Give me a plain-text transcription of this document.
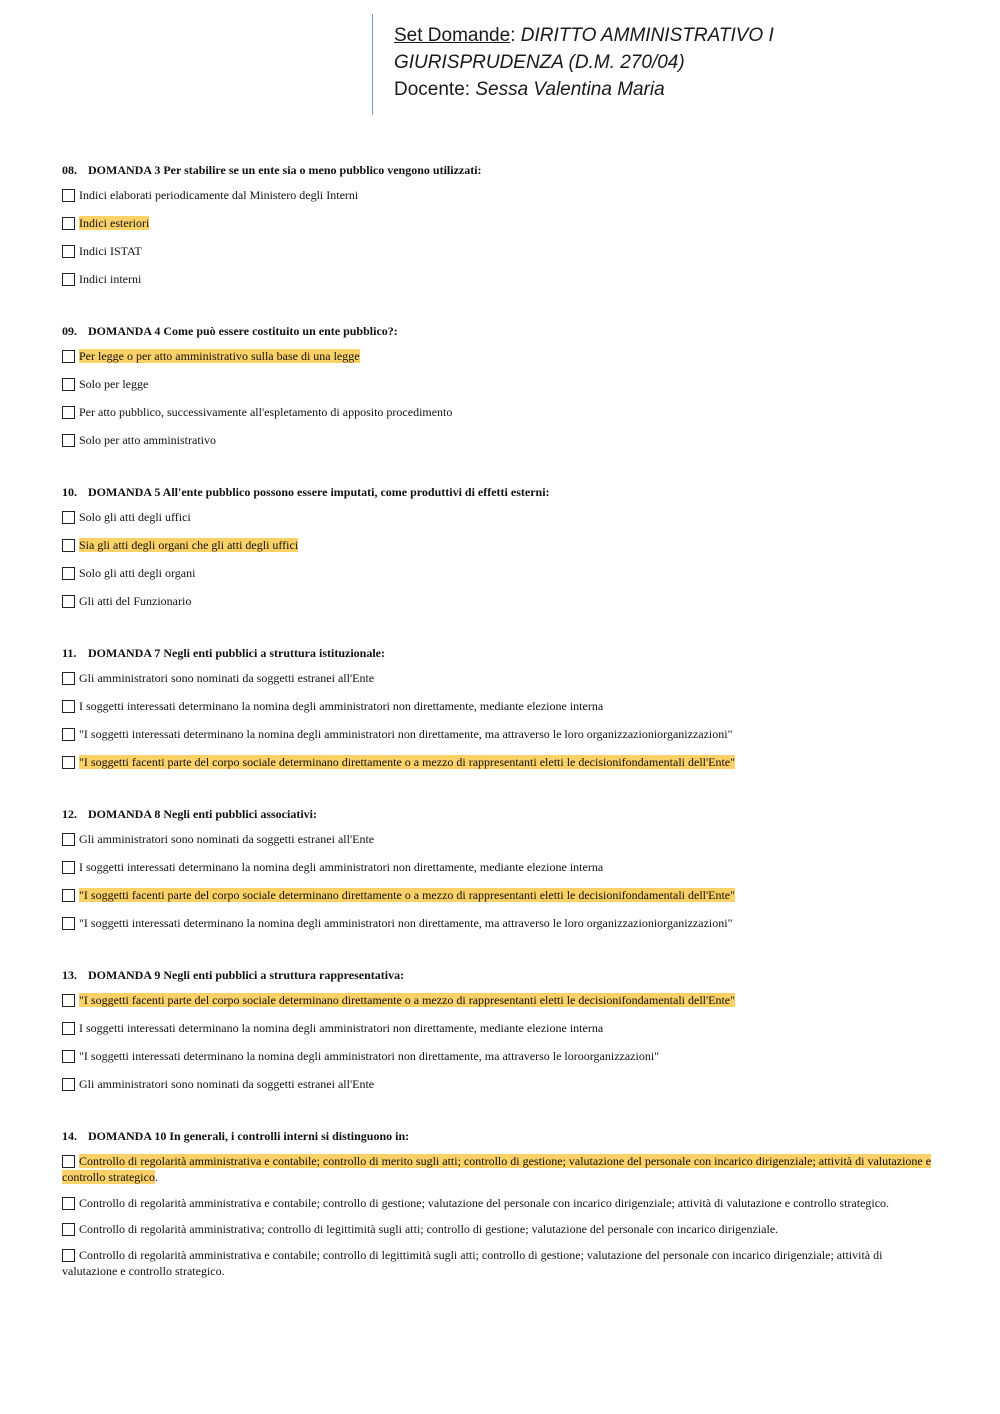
Set Domande: DIRITTO AMMINISTRATIVO I
GIURISPRUDENZA (D.M. 270/04)
Docente: Sessa Valentina Maria
08. DOMANDA 3 Per stabilire se un ente sia o meno pubblico vengono utilizzati:
Indici elaborati periodicamente dal Ministero degli Interni
Indici esteriori
Indici ISTAT
Indici interni
09. DOMANDA 4 Come può essere costituito un ente pubblico?:
Per legge o per atto amministrativo sulla base di una legge
Solo per legge
Per atto pubblico, successivamente all'espletamento di apposito procedimento
Solo per atto amministrativo
10. DOMANDA 5 All'ente pubblico possono essere imputati, come produttivi di effetti esterni:
Solo gli atti degli uffici
Sia gli atti degli organi che gli atti degli uffici
Solo gli atti degli organi
Gli atti del Funzionario
11. DOMANDA 7 Negli enti pubblici a struttura istituzionale:
Gli amministratori sono nominati da soggetti estranei all'Ente
I soggetti interessati determinano la nomina degli amministratori non direttamente, mediante elezione interna
"I soggetti interessati determinano la nomina degli amministratori non direttamente, ma attraverso le loro organizzazioniorganizzazioni"
"I soggetti facenti parte del corpo sociale determinano direttamente o a mezzo di rappresentanti eletti le decisionifondamentali dell'Ente"
12. DOMANDA 8 Negli enti pubblici associativi:
Gli amministratori sono nominati da soggetti estranei all'Ente
I soggetti interessati determinano la nomina degli amministratori non direttamente, mediante elezione interna
"I soggetti facenti parte del corpo sociale determinano direttamente o a mezzo di rappresentanti eletti le decisionifondamentali dell'Ente"
"I soggetti interessati determinano la nomina degli amministratori non direttamente, ma attraverso le loro organizzazioniorganizzazioni"
13. DOMANDA 9 Negli enti pubblici a struttura rappresentativa:
"I soggetti facenti parte del corpo sociale determinano direttamente o a mezzo di rappresentanti eletti le decisionifondamentali dell'Ente"
I soggetti interessati determinano la nomina degli amministratori non direttamente, mediante elezione interna
"I soggetti interessati determinano la nomina degli amministratori non direttamente, ma attraverso le loroorganizzazioni"
Gli amministratori sono nominati da soggetti estranei all'Ente
14. DOMANDA 10 In generali, i controlli interni si distinguono in:
Controllo di regolarità amministrativa e contabile; controllo di merito sugli atti; controllo di gestione; valutazione del personale con incarico dirigenziale; attività di valutazione e controllo strategico.
Controllo di regolarità amministrativa e contabile; controllo di gestione; valutazione del personale con incarico dirigenziale; attività di valutazione e controllo strategico.
Controllo di regolarità amministrativa; controllo di legittimità sugli atti; controllo di gestione; valutazione del personale con incarico dirigenziale.
Controllo di regolarità amministrativa e contabile; controllo di legittimità sugli atti; controllo di gestione; valutazione del personale con incarico dirigenziale; attività di valutazione e controllo strategico.
